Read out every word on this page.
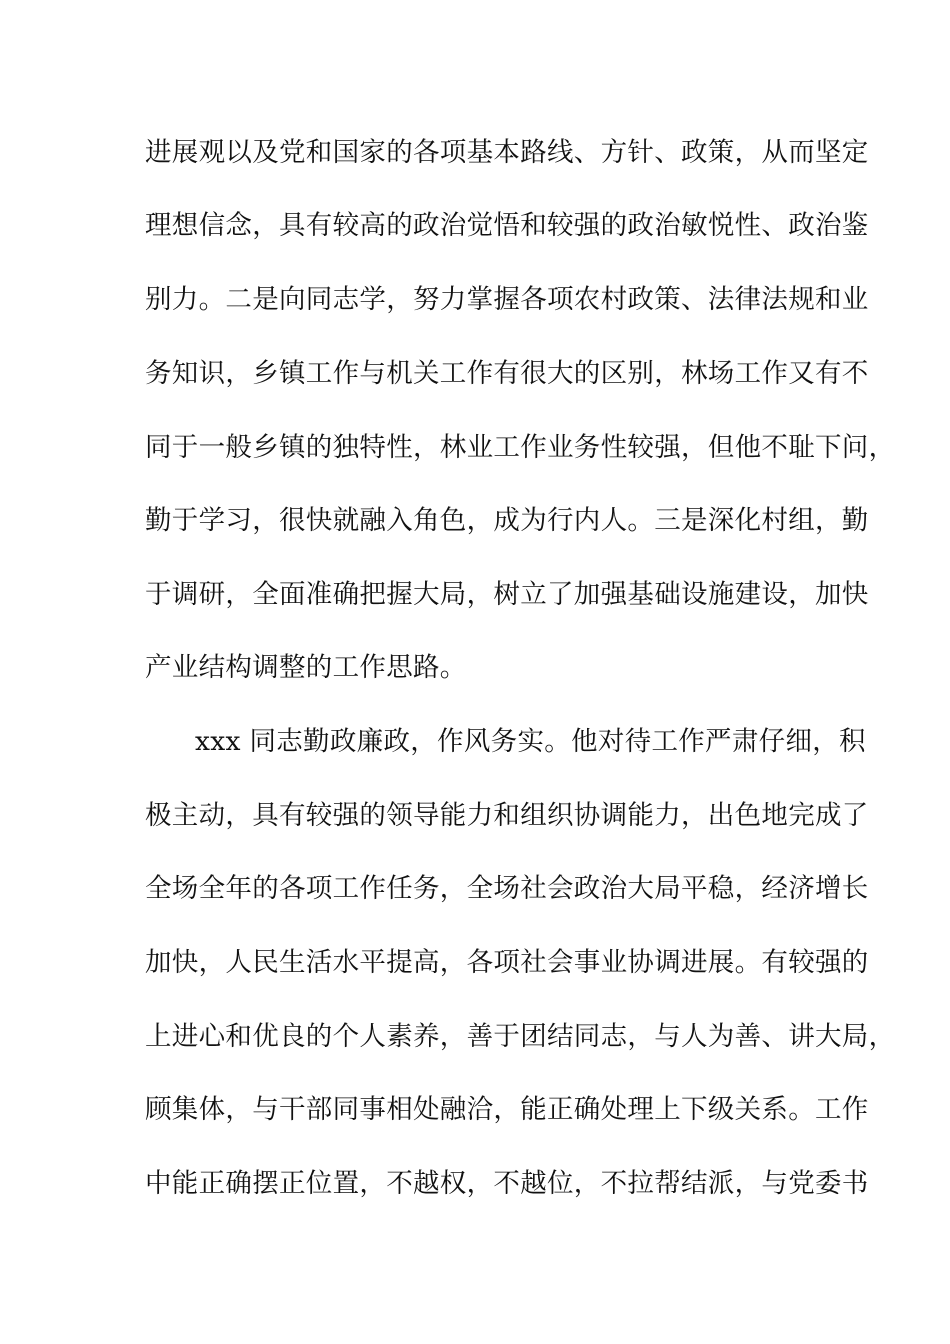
进展观以及党和国家的各项基本路线、方针、政策，从而坚定
理想信念，具有较高的政治觉悟和较强的政治敏悦性、政治鉴
别力。二是向同志学，努力掌握各项农村政策、法律法规和业
务知识，乡镇工作与机关工作有很大的区别，林场工作又有不
同于一般乡镇的独特性，林业工作业务性较强，但他不耻下问，
勤于学习，很快就融入角色，成为行内人。三是深化村组，勤
于调研，全面准确把握大局，树立了加强基础设施建设，加快
产业结构调整的工作思路。
xxx 同志勤政廉政，作风务实。他对待工作严肃仔细，积
极主动，具有较强的领导能力和组织协调能力，出色地完成了
全场全年的各项工作任务，全场社会政治大局平稳，经济增长
加快，人民生活水平提高，各项社会事业协调进展。有较强的
上进心和优良的个人素养，善于团结同志，与人为善、讲大局，
顾集体，与干部同事相处融洽，能正确处理上下级关系。工作
中能正确摆正位置，不越权，不越位，不拉帮结派，与党委书
